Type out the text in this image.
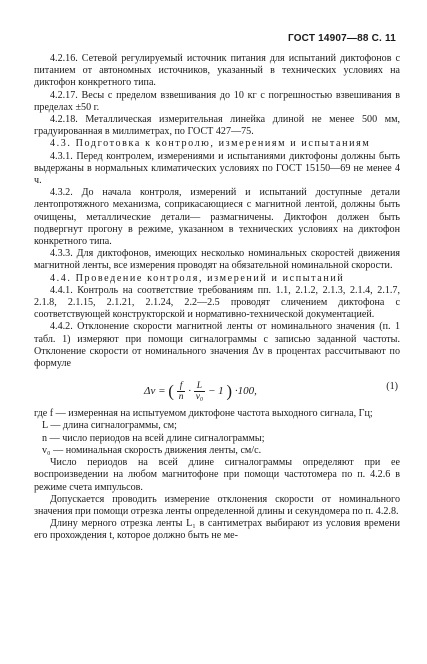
ГОСТ 14907—88 С. 11

4.2.16. Сетевой регулируемый источник питания для испытаний диктофонов с питанием от автономных источников, указанный в технических условиях на диктофон конкретного типа.

4.2.17. Весы с пределом взвешивания до 10 кг с погрешностью взвешивания в пределах ±50 г.

4.2.18. Металлическая измерительная линейка длиной не менее 500 мм, градуированная в миллиметрах, по ГОСТ 427—75.

4.3. Подготовка к контролю, измерениям и испытаниям

4.3.1. Перед контролем, измерениями и испытаниями диктофоны должны быть выдержаны в нормальных климатических условиях по ГОСТ 15150—69 не менее 4 ч.

4.3.2. До начала контроля, измерений и испытаний доступные детали лентопротяжного механизма, соприкасающиеся с магнитной лентой, должны быть очищены, металлические детали— размагничены. Диктофон должен быть подвергнут прогону в режиме, указанном в технических условиях на диктофон конкретного типа.

4.3.3. Для диктофонов, имеющих несколько номинальных скоростей движения магнитной ленты, все измерения проводят на обязательной номинальной скорости.

4.4. Проведение контроля, измерений и испытаний

4.4.1. Контроль на соответствие требованиям пп. 1.1, 2.1.2, 2.1.3, 2.1.4, 2.1.7, 2.1.8, 2.1.15, 2.1.21, 2.1.24, 2.2—2.5 проводят сличением диктофона с соответствующей конструкторской и нормативно-технической документацией.

4.4.2. Отклонение скорости магнитной ленты от номинального значения (п. 1 табл. 1) измеряют при помощи сигналограммы с записью заданной частоты. Отклонение скорости от номинального значения Δv в процентах рассчитывают по формуле

Δv = ( $\frac{f}{n} \cdot \frac{L}{\text{v₀}} - 1$ ) ·100,	(1)

где f — измеренная на испытуемом диктофоне частота выходного сигнала, Гц;

L — длина сигналограммы, см;

n — число периодов на всей длине сигналограммы;

v₀ — номинальная скорость движения ленты, см/с.

Число периодов на всей длине сигналограммы определяют при ее воспроизведении на любом магнитофоне при помощи частотомера по п. 4.2.6 в режиме счета импульсов.

Допускается проводить измерение отклонения скорости от номинального значения при помощи отрезка ленты определенной длины и секундомера по п. 4.2.8.

Длину мерного отрезка ленты L₁ в сантиметрах выбирают из условия времени его прохождения t, которое должно быть не ме-
